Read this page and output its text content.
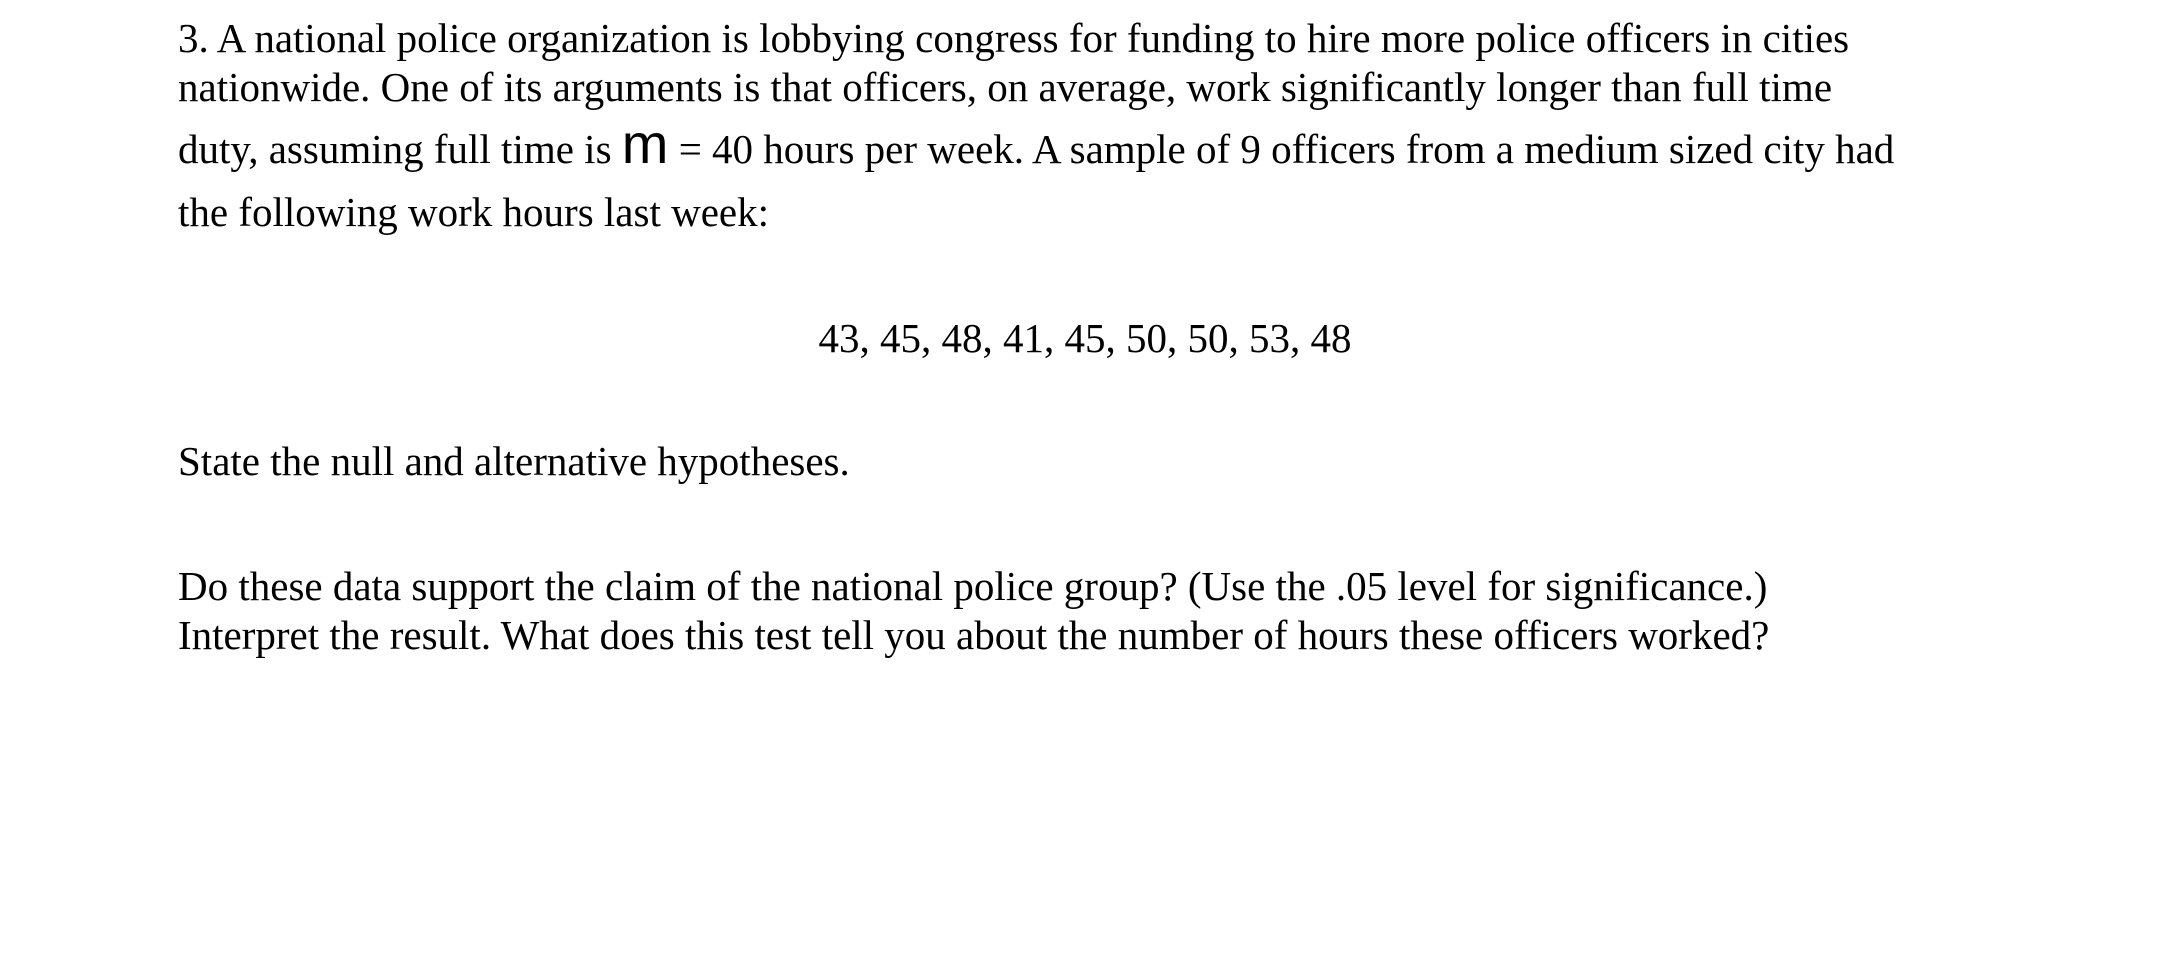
3. A national police organization is lobbying congress for funding to hire more police officers in cities
nationwide. One of its arguments is that officers, on average, work significantly longer than full time
duty, assuming full time is m = 40 hours per week. A sample of 9 officers from a medium sized city had
the following work hours last week:
43, 45, 48, 41, 45, 50, 50, 53, 48
State the null and alternative hypotheses.
Do these data support the claim of the national police group? (Use the .05 level for significance.)
Interpret the result. What does this test tell you about the number of hours these officers worked?
